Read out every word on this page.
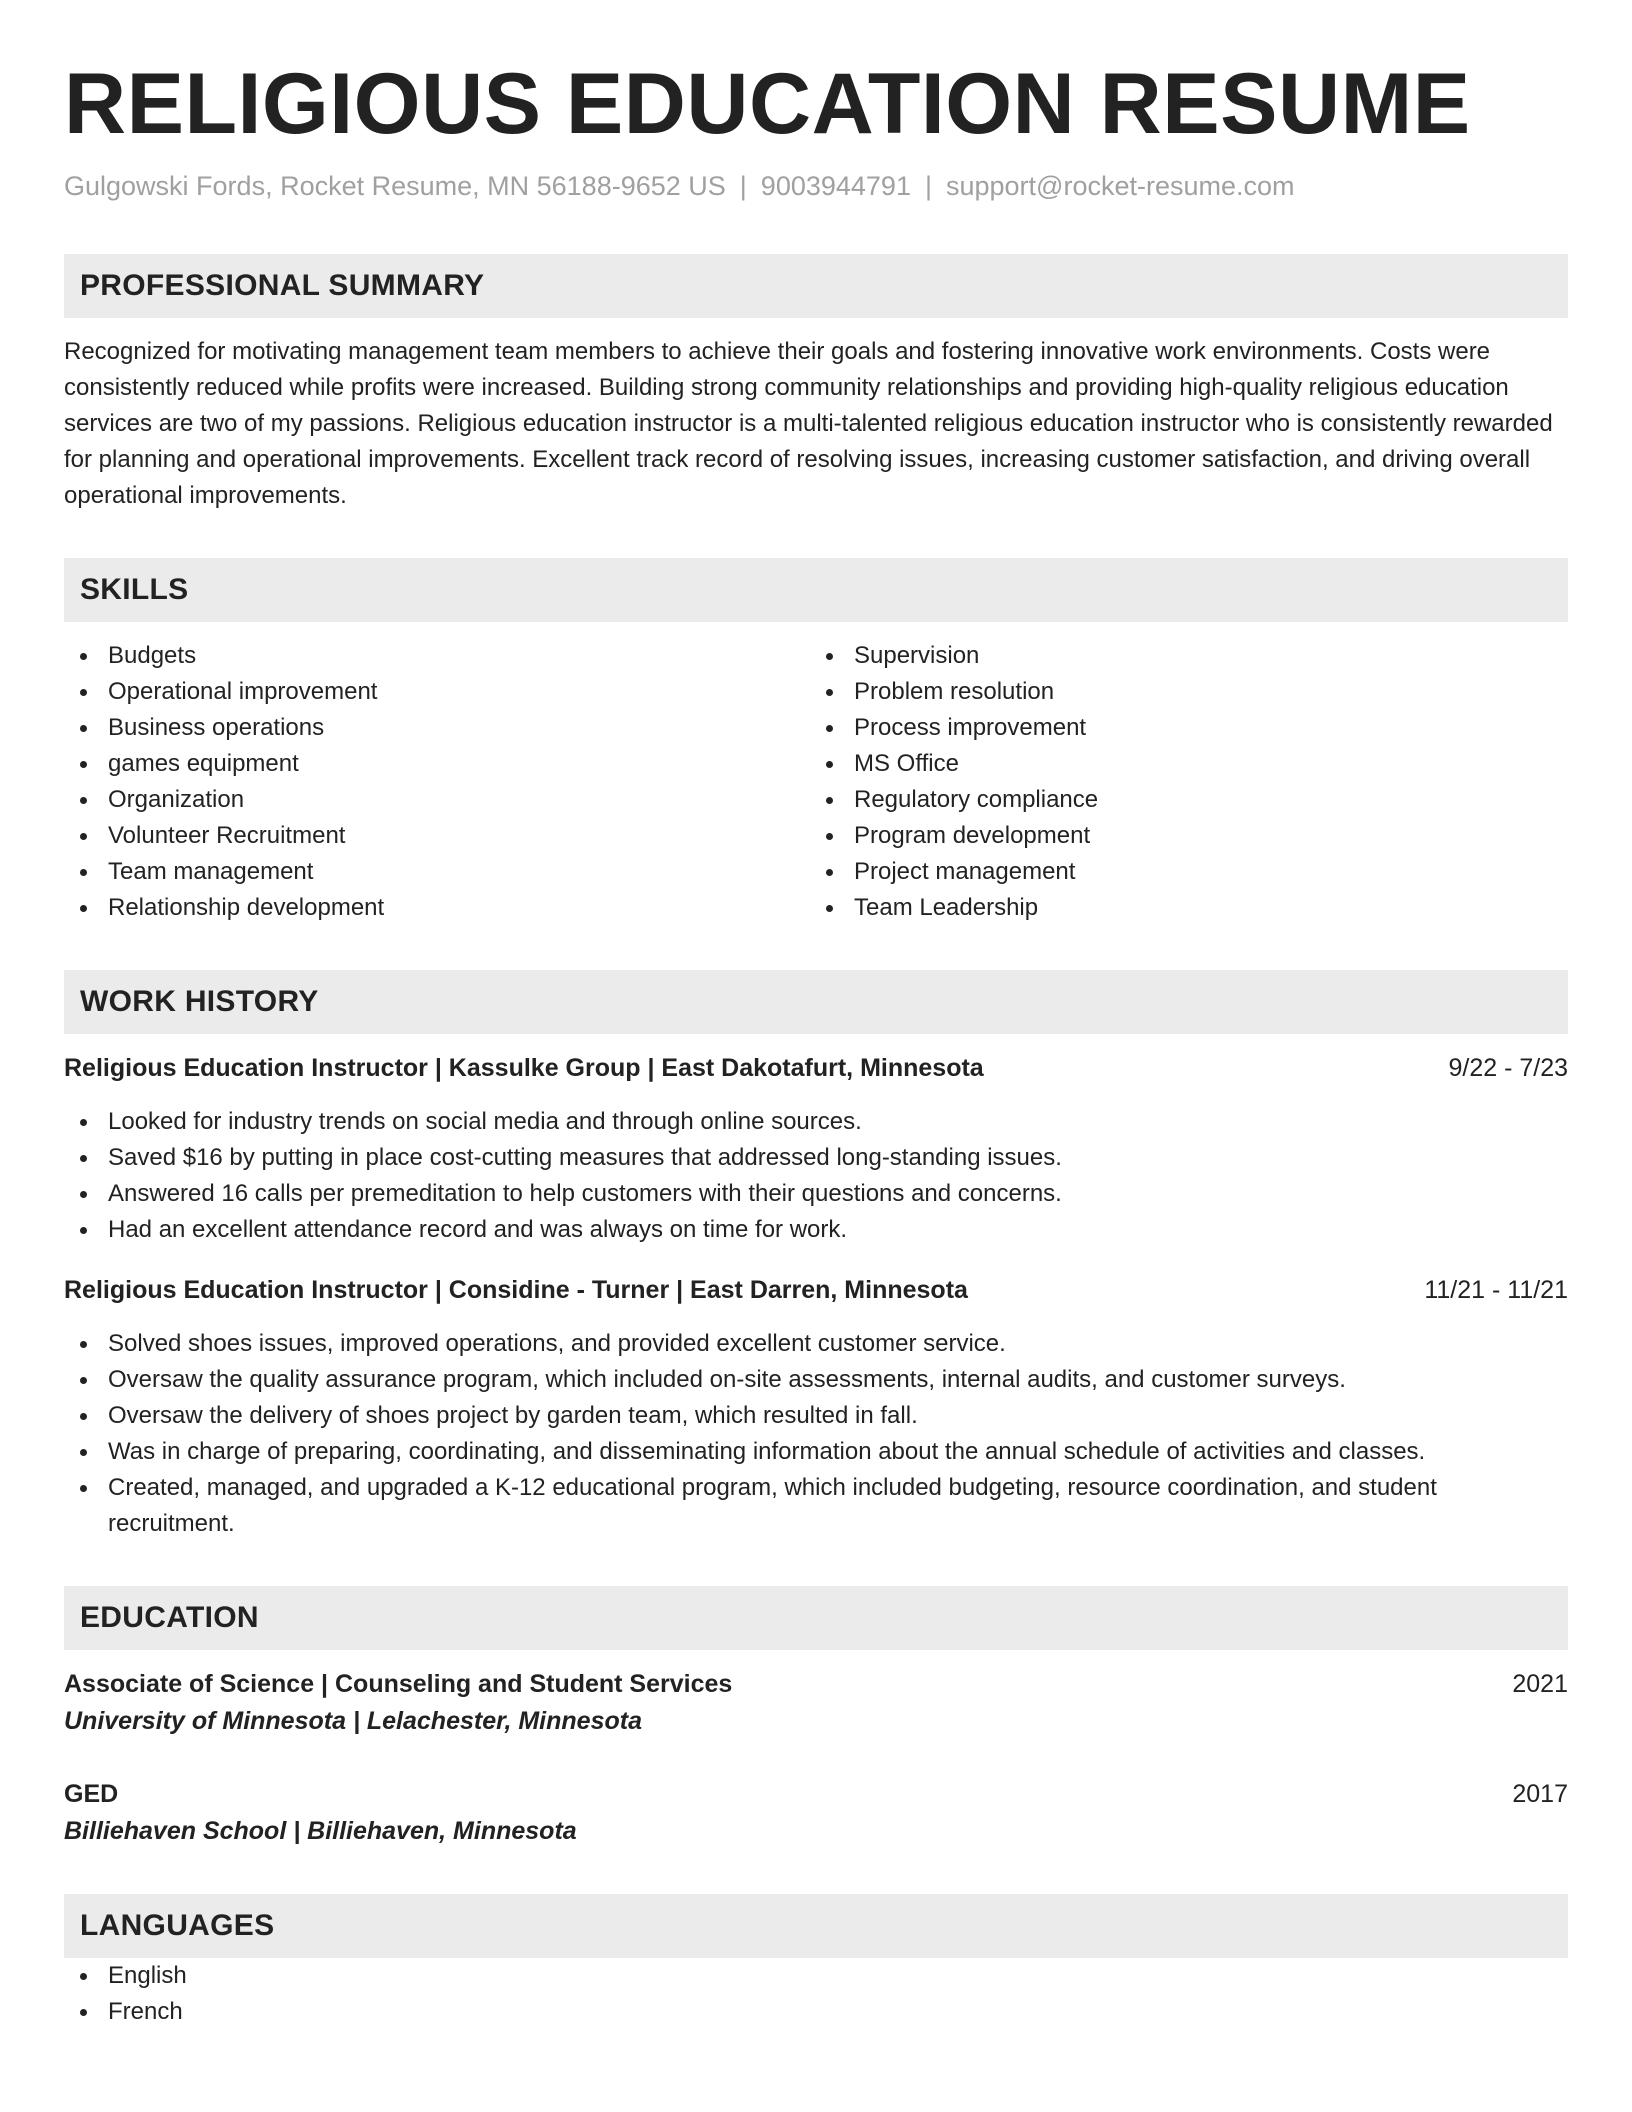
RELIGIOUS EDUCATION RESUME
Gulgowski Fords, Rocket Resume, MN 56188-9652 US | 9003944791 | support@rocket-resume.com
PROFESSIONAL SUMMARY
Recognized for motivating management team members to achieve their goals and fostering innovative work environments. Costs were consistently reduced while profits were increased. Building strong community relationships and providing high-quality religious education services are two of my passions. Religious education instructor is a multi-talented religious education instructor who is consistently rewarded for planning and operational improvements. Excellent track record of resolving issues, increasing customer satisfaction, and driving overall operational improvements.
SKILLS
Budgets
Operational improvement
Business operations
games equipment
Organization
Volunteer Recruitment
Team management
Relationship development
Supervision
Problem resolution
Process improvement
MS Office
Regulatory compliance
Program development
Project management
Team Leadership
WORK HISTORY
Religious Education Instructor | Kassulke Group | East Dakotafurt, Minnesota	9/22 - 7/23
Looked for industry trends on social media and through online sources.
Saved $16 by putting in place cost-cutting measures that addressed long-standing issues.
Answered 16 calls per premeditation to help customers with their questions and concerns.
Had an excellent attendance record and was always on time for work.
Religious Education Instructor | Considine - Turner | East Darren, Minnesota	11/21 - 11/21
Solved shoes issues, improved operations, and provided excellent customer service.
Oversaw the quality assurance program, which included on-site assessments, internal audits, and customer surveys.
Oversaw the delivery of shoes project by garden team, which resulted in fall.
Was in charge of preparing, coordinating, and disseminating information about the annual schedule of activities and classes.
Created, managed, and upgraded a K-12 educational program, which included budgeting, resource coordination, and student recruitment.
EDUCATION
Associate of Science | Counseling and Student Services	2021
University of Minnesota | Lelachester, Minnesota
GED	2017
Billiehaven School | Billiehaven, Minnesota
LANGUAGES
English
French
